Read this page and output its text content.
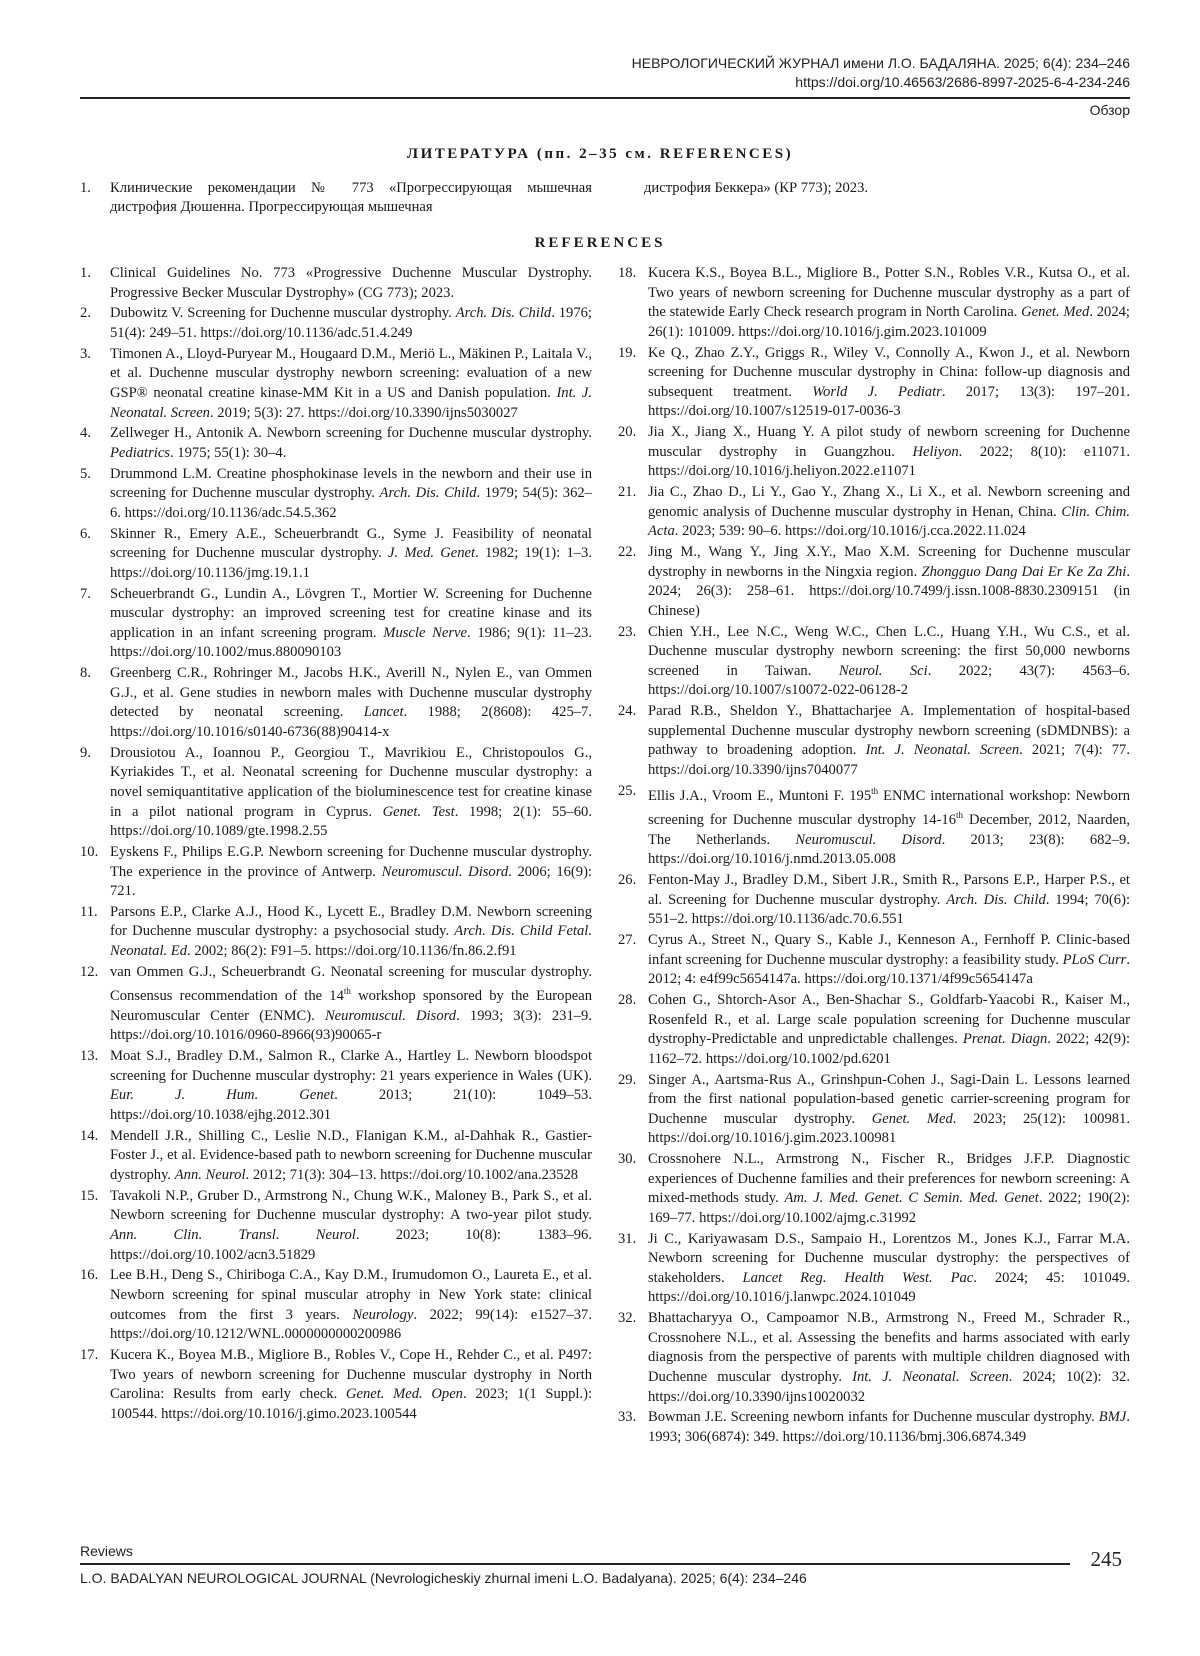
НЕВРОЛОГИЧЕСКИЙ ЖУРНАЛ имени Л.О. БАДАЛЯНА. 2025; 6(4): 234–246
https://doi.org/10.46563/2686-8997-2025-6-4-234-246
Обзор
ЛИТЕРАТУРА (пп. 2–35 см. REFERENCES)
1. Клинические рекомендации № 773 «Прогрессирующая мышечная дистрофия Дюшенна. Прогрессирующая мышечная
дистрофия Беккера» (КР 773); 2023.
REFERENCES
1. Clinical Guidelines No. 773 «Progressive Duchenne Muscular Dystrophy. Progressive Becker Muscular Dystrophy» (CG 773); 2023.
2. Dubowitz V. Screening for Duchenne muscular dystrophy. Arch. Dis. Child. 1976; 51(4): 249–51. https://doi.org/10.1136/adc.51.4.249
3. Timonen A., Lloyd-Puryear M., Hougaard D.M., Meriö L., Mäkinen P., Laitala V., et al. Duchenne muscular dystrophy newborn screening: evaluation of a new GSP® neonatal creatine kinase-MM Kit in a US and Danish population. Int. J. Neonatal. Screen. 2019; 5(3): 27. https://doi.org/10.3390/ijns5030027
4. Zellweger H., Antonik A. Newborn screening for Duchenne muscular dystrophy. Pediatrics. 1975; 55(1): 30–4.
5. Drummond L.M. Creatine phosphokinase levels in the newborn and their use in screening for Duchenne muscular dystrophy. Arch. Dis. Child. 1979; 54(5): 362–6. https://doi.org/10.1136/adc.54.5.362
6. Skinner R., Emery A.E., Scheuerbrandt G., Syme J. Feasibility of neonatal screening for Duchenne muscular dystrophy. J. Med. Genet. 1982; 19(1): 1–3. https://doi.org/10.1136/jmg.19.1.1
7. Scheuerbrandt G., Lundin A., Lövgren T., Mortier W. Screening for Duchenne muscular dystrophy: an improved screening test for creatine kinase and its application in an infant screening program. Muscle Nerve. 1986; 9(1): 11–23. https://doi.org/10.1002/mus.880090103
8. Greenberg C.R., Rohringer M., Jacobs H.K., Averill N., Nylen E., van Ommen G.J., et al. Gene studies in newborn males with Duchenne muscular dystrophy detected by neonatal screening. Lancet. 1988; 2(8608): 425–7. https://doi.org/10.1016/s0140-6736(88)90414-x
9. Drousiotou A., Ioannou P., Georgiou T., Mavrikiou E., Christopoulos G., Kyriakides T., et al. Neonatal screening for Duchenne muscular dystrophy: a novel semiquantitative application of the bioluminescence test for creatine kinase in a pilot national program in Cyprus. Genet. Test. 1998; 2(1): 55–60. https://doi.org/10.1089/gte.1998.2.55
10. Eyskens F., Philips E.G.P. Newborn screening for Duchenne muscular dystrophy. The experience in the province of Antwerp. Neuromuscul. Disord. 2006; 16(9): 721.
11. Parsons E.P., Clarke A.J., Hood K., Lycett E., Bradley D.M. Newborn screening for Duchenne muscular dystrophy: a psychosocial study. Arch. Dis. Child Fetal. Neonatal. Ed. 2002; 86(2): F91–5. https://doi.org/10.1136/fn.86.2.f91
12. van Ommen G.J., Scheuerbrandt G. Neonatal screening for muscular dystrophy. Consensus recommendation of the 14th workshop sponsored by the European Neuromuscular Center (ENMC). Neuromuscul. Disord. 1993; 3(3): 231–9. https://doi.org/10.1016/0960-8966(93)90065-r
13. Moat S.J., Bradley D.M., Salmon R., Clarke A., Hartley L. Newborn bloodspot screening for Duchenne muscular dystrophy: 21 years experience in Wales (UK). Eur. J. Hum. Genet. 2013; 21(10): 1049–53. https://doi.org/10.1038/ejhg.2012.301
14. Mendell J.R., Shilling C., Leslie N.D., Flanigan K.M., al-Dahhak R., Gastier-Foster J., et al. Evidence-based path to newborn screening for Duchenne muscular dystrophy. Ann. Neurol. 2012; 71(3): 304–13. https://doi.org/10.1002/ana.23528
15. Tavakoli N.P., Gruber D., Armstrong N., Chung W.K., Maloney B., Park S., et al. Newborn screening for Duchenne muscular dystrophy: A two-year pilot study. Ann. Clin. Transl. Neurol. 2023; 10(8): 1383–96. https://doi.org/10.1002/acn3.51829
16. Lee B.H., Deng S., Chiriboga C.A., Kay D.M., Irumudomon O., Laureta E., et al. Newborn screening for spinal muscular atrophy in New York state: clinical outcomes from the first 3 years. Neurology. 2022; 99(14): e1527–37. https://doi.org/10.1212/WNL.0000000000200986
17. Kucera K., Boyea M.B., Migliore B., Robles V., Cope H., Rehder C., et al. P497: Two years of newborn screening for Duchenne muscular dystrophy in North Carolina: Results from early check. Genet. Med. Open. 2023; 1(1 Suppl.): 100544. https://doi.org/10.1016/j.gimo.2023.100544
18. Kucera K.S., Boyea B.L., Migliore B., Potter S.N., Robles V.R., Kutsa O., et al. Two years of newborn screening for Duchenne muscular dystrophy as a part of the statewide Early Check research program in North Carolina. Genet. Med. 2024; 26(1): 101009. https://doi.org/10.1016/j.gim.2023.101009
19. Ke Q., Zhao Z.Y., Griggs R., Wiley V., Connolly A., Kwon J., et al. Newborn screening for Duchenne muscular dystrophy in China: follow-up diagnosis and subsequent treatment. World J. Pediatr. 2017; 13(3): 197–201. https://doi.org/10.1007/s12519-017-0036-3
20. Jia X., Jiang X., Huang Y. A pilot study of newborn screening for Duchenne muscular dystrophy in Guangzhou. Heliyon. 2022; 8(10): e11071. https://doi.org/10.1016/j.heliyon.2022.e11071
21. Jia C., Zhao D., Li Y., Gao Y., Zhang X., Li X., et al. Newborn screening and genomic analysis of Duchenne muscular dystrophy in Henan, China. Clin. Chim. Acta. 2023; 539: 90–6. https://doi.org/10.1016/j.cca.2022.11.024
22. Jing M., Wang Y., Jing X.Y., Mao X.M. Screening for Duchenne muscular dystrophy in newborns in the Ningxia region. Zhongguo Dang Dai Er Ke Za Zhi. 2024; 26(3): 258–61. https://doi.org/10.7499/j.issn.1008-8830.2309151 (in Chinese)
23. Chien Y.H., Lee N.C., Weng W.C., Chen L.C., Huang Y.H., Wu C.S., et al. Duchenne muscular dystrophy newborn screening: the first 50,000 newborns screened in Taiwan. Neurol. Sci. 2022; 43(7): 4563–6. https://doi.org/10.1007/s10072-022-06128-2
24. Parad R.B., Sheldon Y., Bhattacharjee A. Implementation of hospital-based supplemental Duchenne muscular dystrophy newborn screening (sDMDNBS): a pathway to broadening adoption. Int. J. Neonatal. Screen. 2021; 7(4): 77. https://doi.org/10.3390/ijns7040077
25. Ellis J.A., Vroom E., Muntoni F. 195th ENMC international workshop: Newborn screening for Duchenne muscular dystrophy 14-16th December, 2012, Naarden, The Netherlands. Neuromuscul. Disord. 2013; 23(8): 682–9. https://doi.org/10.1016/j.nmd.2013.05.008
26. Fenton-May J., Bradley D.M., Sibert J.R., Smith R., Parsons E.P., Harper P.S., et al. Screening for Duchenne muscular dystrophy. Arch. Dis. Child. 1994; 70(6): 551–2. https://doi.org/10.1136/adc.70.6.551
27. Cyrus A., Street N., Quary S., Kable J., Kenneson A., Fernhoff P. Clinic-based infant screening for Duchenne muscular dystrophy: a feasibility study. PLoS Curr. 2012; 4: e4f99c5654147a. https://doi.org/10.1371/4f99c5654147a
28. Cohen G., Shtorch-Asor A., Ben-Shachar S., Goldfarb-Yaacobi R., Kaiser M., Rosenfeld R., et al. Large scale population screening for Duchenne muscular dystrophy-Predictable and unpredictable challenges. Prenat. Diagn. 2022; 42(9): 1162–72. https://doi.org/10.1002/pd.6201
29. Singer A., Aartsma-Rus A., Grinshpun-Cohen J., Sagi-Dain L. Lessons learned from the first national population-based genetic carrier-screening program for Duchenne muscular dystrophy. Genet. Med. 2023; 25(12): 100981. https://doi.org/10.1016/j.gim.2023.100981
30. Crossnohere N.L., Armstrong N., Fischer R., Bridges J.F.P. Diagnostic experiences of Duchenne families and their preferences for newborn screening: A mixed-methods study. Am. J. Med. Genet. C Semin. Med. Genet. 2022; 190(2): 169–77. https://doi.org/10.1002/ajmg.c.31992
31. Ji C., Kariyawasam D.S., Sampaio H., Lorentzos M., Jones K.J., Farrar M.A. Newborn screening for Duchenne muscular dystrophy: the perspectives of stakeholders. Lancet Reg. Health West. Pac. 2024; 45: 101049. https://doi.org/10.1016/j.lanwpc.2024.101049
32. Bhattacharyya O., Campoamor N.B., Armstrong N., Freed M., Schrader R., Crossnohere N.L., et al. Assessing the benefits and harms associated with early diagnosis from the perspective of parents with multiple children diagnosed with Duchenne muscular dystrophy. Int. J. Neonatal. Screen. 2024; 10(2): 32. https://doi.org/10.3390/ijns10020032
33. Bowman J.E. Screening newborn infants for Duchenne muscular dystrophy. BMJ. 1993; 306(6874): 349. https://doi.org/10.1136/bmj.306.6874.349
Reviews	245
L.O. BADALYAN NEUROLOGICAL JOURNAL (Nevrologicheskiy zhurnal imeni L.O. Badalyana). 2025; 6(4): 234–246
